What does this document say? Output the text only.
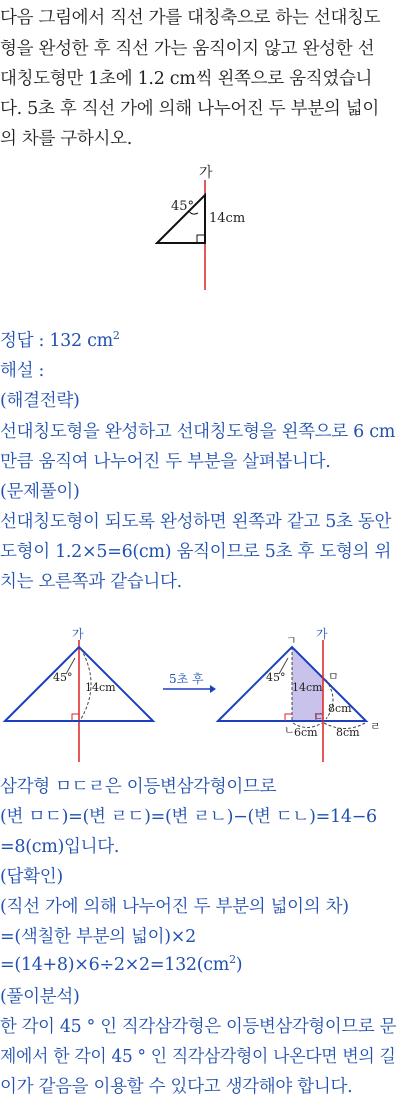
다음 그림에서 직선 가를 대칭축으로 하는 선대칭도
형을 완성한 후 직선 가는 움직이지 않고 완성한 선
대칭도형만 1초에 1.2 cm씩 왼쪽으로 움직였습니
다. 5초 후 직선 가에 의해 나누어진 두 부분의 넓이
의 차를 구하시오.
가
45°
14cm
정답 : 132 $cm^2$
해설 :
(해결전략)
선대칭도형을 완성하고 선대칭도형을 왼쪽으로 6 cm
만큼 움직여 나누어진 두 부분을 살펴봅니다.
(문제풀이)
선대칭도형이 되도록 완성하면 왼쪽과 같고 5초 동안
도형이 1.2×5=6(cm) 움직이므로 5초 후 도형의 위
치는 오른쪽과 같습니다.
가
45°
14cm
5초 후
가
45°
14cm
ㄱ
ㅁ
ㄷ
ㄴ	ㄹ
8cm
6cm 8cm
삼각형 ㅁㄷㄹ은 이등변삼각형이므로
(변 ㅁㄷ)=(변 ㄹㄷ)=(변 ㄹㄴ)−(변 ㄷㄴ)=14−6
=8(cm)입니다.
(답확인)
(직선 가에 의해 나누어진 두 부분의 넓이의 차)
=(색칠한 부분의 넓이)×2
$=(14+8)\times 6\div 2\times 2=132(cm^2)$
(풀이분석)
한 각이 45 ° 인 직각삼각형은 이등변삼각형이므로 문
제에서 한 각이 45 ° 인 직각삼각형이 나온다면 변의 길
이가 같음을 이용할 수 있다고 생각해야 합니다.
